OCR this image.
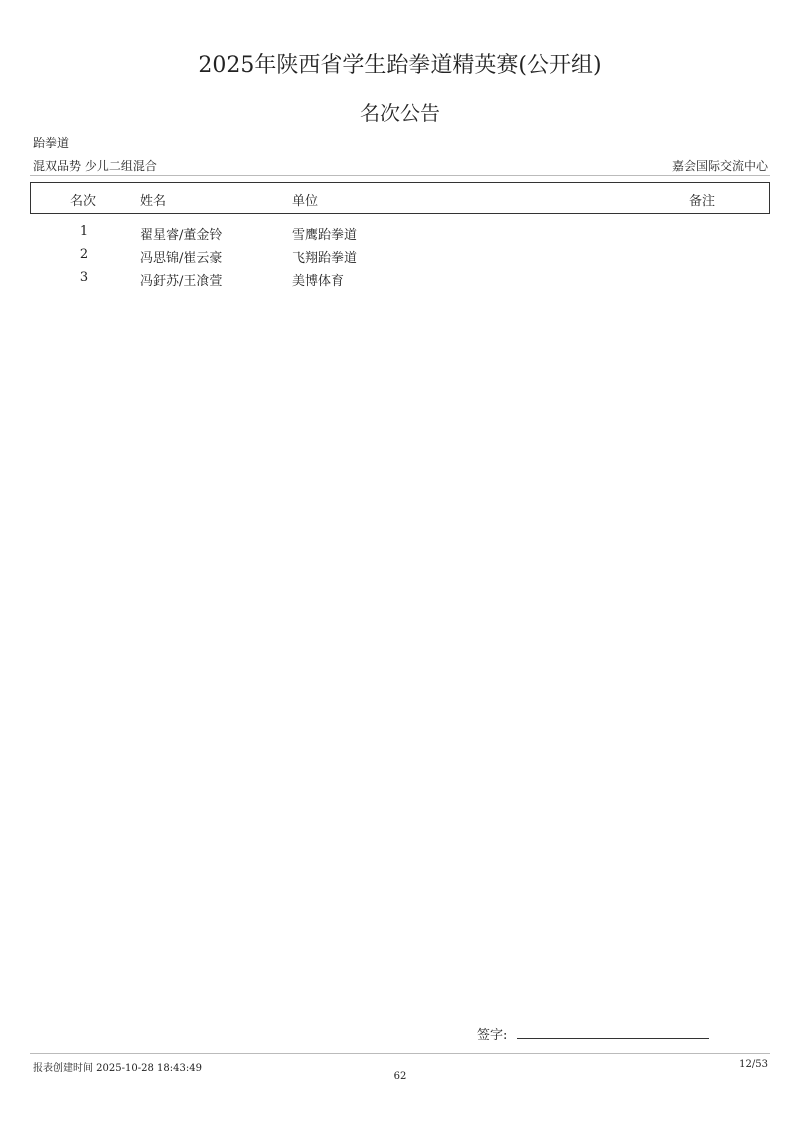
2025年陕西省学生跆拳道精英赛(公开组)
名次公告
跆拳道
混双品势 少儿二组混合	嘉会国际交流中心
名次	姓名	单位	备注
1	翟星睿/董金铃	雪鹰跆拳道
2	冯思锦/崔云豪	飞翔跆拳道
3	冯釪苏/王飡萱	美博体育
签字:
报表创建时间 2025-10-28 18:43:49	12/53
62
